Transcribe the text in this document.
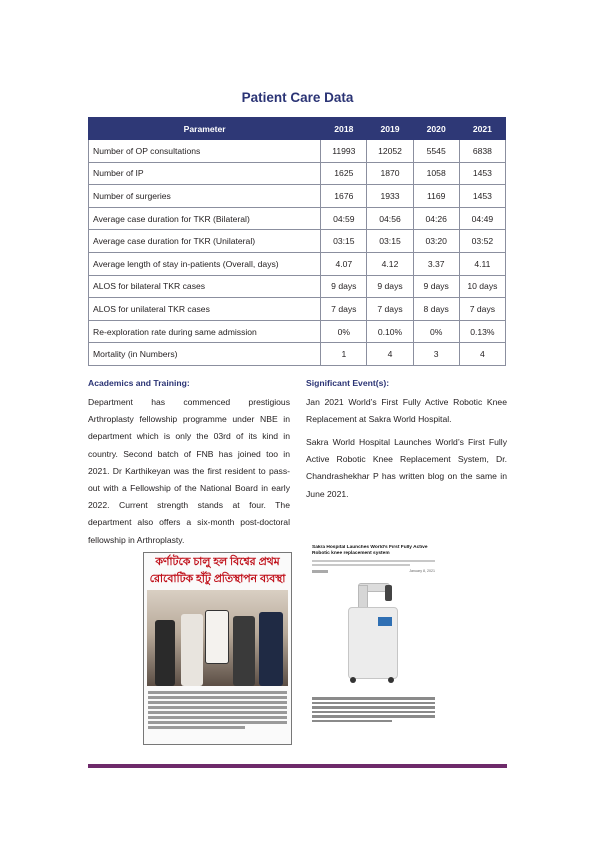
Patient Care Data
Parameter	2018	2019	2020	2021
Number of OP consultations	11993	12052	5545	6838
Number of IP	1625	1870	1058	1453
Number of surgeries	1676	1933	1169	1453
Average case duration for TKR (Bilateral)	04:59	04:56	04:26	04:49
Average case duration for TKR (Unilateral)	03:15	03:15	03:20	03:52
Average length of stay in-patients (Overall, days)	4.07	4.12	3.37	4.11
ALOS for bilateral TKR cases	9 days	9 days	9 days	10 days
ALOS for unilateral TKR cases	7 days	7 days	8 days	7 days
Re-exploration rate during same admission	0%	0.10%	0%	0.13%
Mortality (in Numbers)	1	4	3	4
Academics and Training:
Department has commenced prestigious Arthroplasty fellowship programme under NBE in department which is only the 03rd of its kind in country. Second batch of FNB has joined too in 2021. Dr Karthikeyan was the first resident to pass-out with a Fellowship of the National Board in early 2022. Current strength stands at four. The department also offers a six-month post-doctoral fellowship in Arthroplasty.
Significant Event(s):
Jan 2021 World’s First Fully Active Robotic Knee Replacement at Sakra World Hospital.
Sakra World Hospital Launches World’s First Fully Active Robotic Knee Replacement System, Dr. Chandrashekhar P has written blog on the same in June 2021.
কর্ণাটকে চালু হল বিশ্বের প্রথম
রোবোটিক হাঁটু প্রতিস্থাপন ব্যবস্থা
Sakra Hospital Launches World’s First Fully Active Robotic knee replacement system
January 8, 2021
